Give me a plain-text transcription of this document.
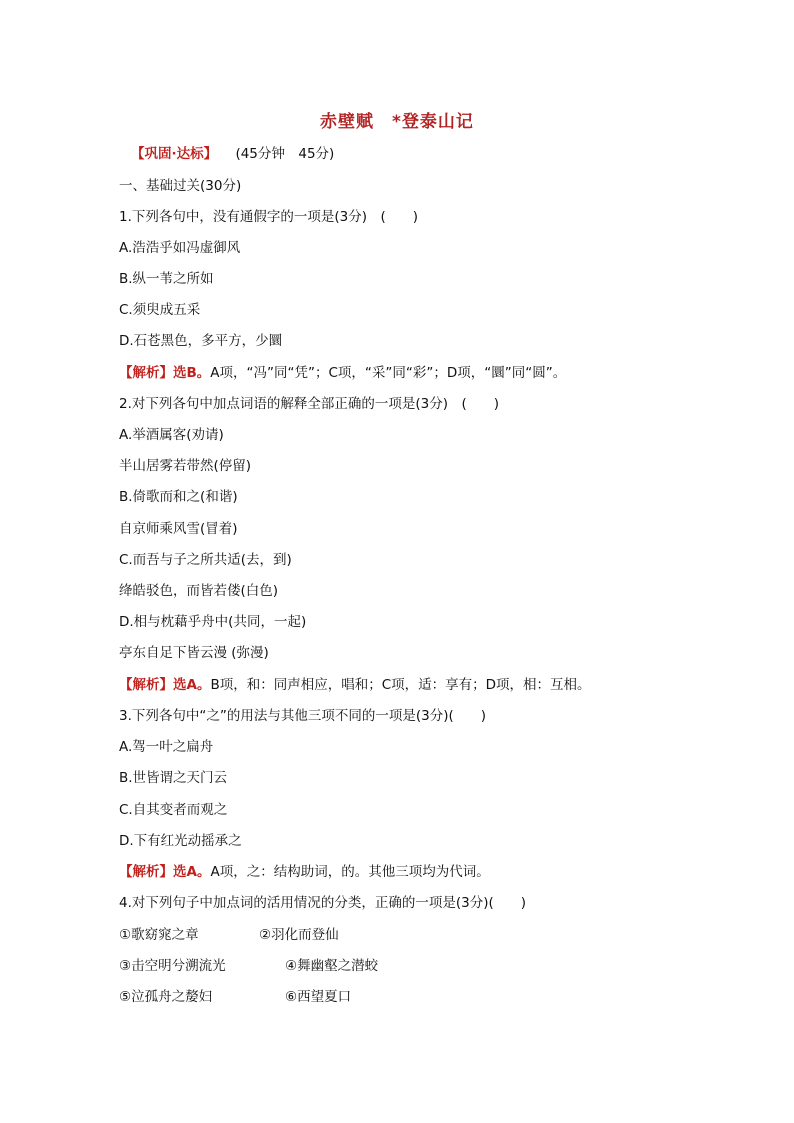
赤壁赋　*登泰山记
【巩固·达标】 (45分钟　45分)
一、基础过关(30分)
1.下列各句中，没有通假字的一项是(3分)　(　　)
A.浩浩乎如冯虚御风
B.纵一苇之所如
C.须臾成五采
D.石苍黑色，多平方，少圜
【解析】选B。A项，“冯”同“凭”；C项，“采”同“彩”；D项，“圜”同“圆”。
2.对下列各句中加点词语的解释全部正确的一项是(3分)　(　　)
A.举酒属客(劝请)
半山居雾若带然(停留)
B.倚歌而和之(和谐)
自京师乘风雪(冒着)
C.而吾与子之所共适(去，到)
绛皓驳色，而皆若偻(白色)
D.相与枕藉乎舟中(共同，一起)
亭东自足下皆云漫 (弥漫)
【解析】选A。B项，和：同声相应，唱和；C项，适：享有；D项，相：互相。
3.下列各句中“之”的用法与其他三项不同的一项是(3分)(　　)
A.驾一叶之扁舟
B.世皆谓之天门云
C.自其变者而观之
D.下有红光动摇承之
【解析】选A。A项，之：结构助词，的。其他三项均为代词。
4.对下列句子中加点词的活用情况的分类，正确的一项是(3分)(　　)
①歌窈窕之章	②羽化而登仙
③击空明兮溯流光	④舞幽壑之潜蛟
⑤泣孤舟之嫠妇	⑥西望夏口
